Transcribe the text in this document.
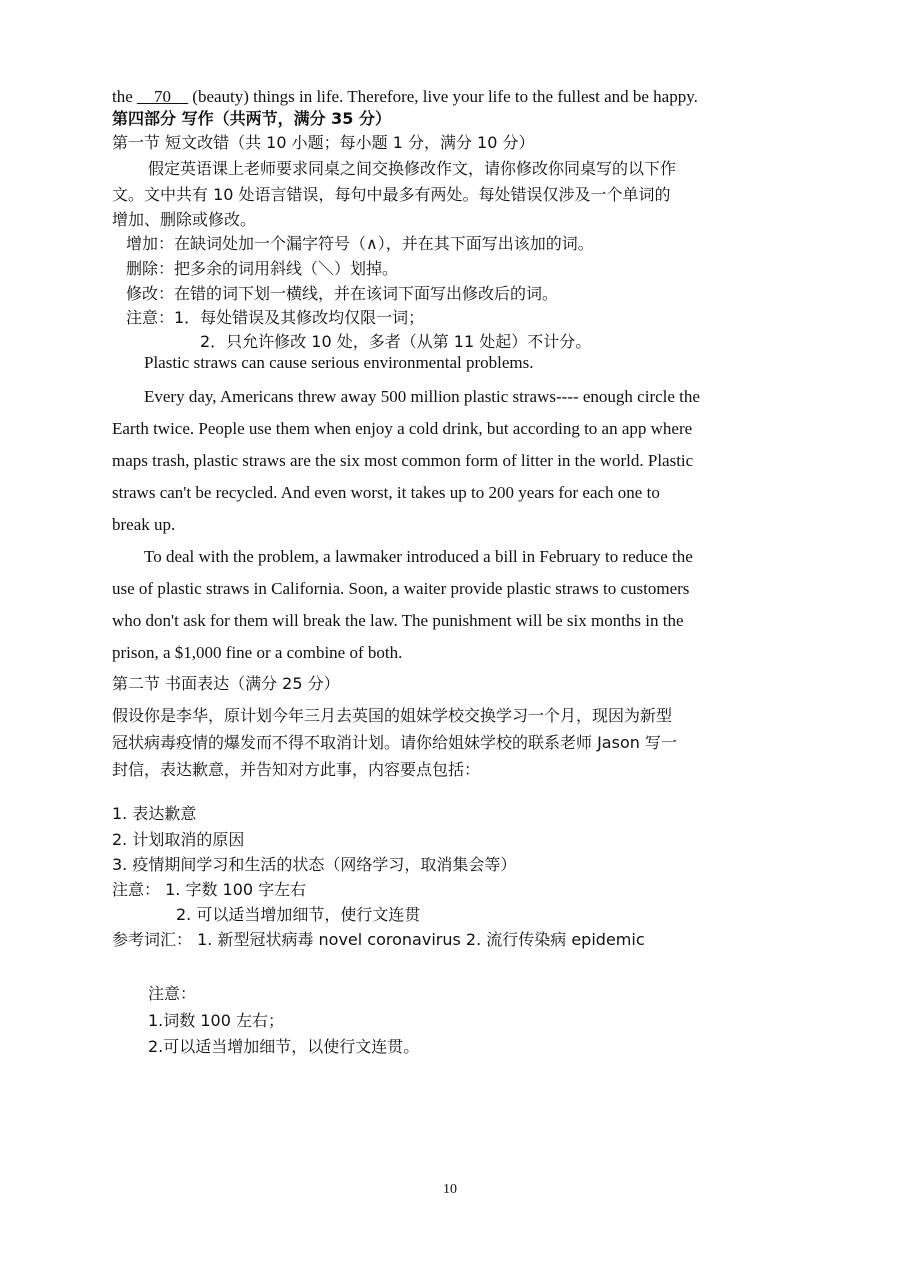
the __70__ (beauty) things in life. Therefore, live your life to the fullest and be happy.
第四部分 写作（共两节，满分 35 分）
第一节 短文改错（共 10 小题；每小题 1 分，满分 10 分）
假定英语课上老师要求同桌之间交换修改作文，请你修改你同桌写的以下作
文。文中共有 10 处语言错误，每句中最多有两处。每处错误仅涉及一个单词的
增加、删除或修改。
增加：在缺词处加一个漏字符号（∧），并在其下面写出该加的词。
删除：把多余的词用斜线（＼）划掉。
修改：在错的词下划一横线，并在该词下面写出修改后的词。
注意：1．每处错误及其修改均仅限一词；
2．只允许修改 10 处，多者（从第 11 处起）不计分。
Plastic straws can cause serious environmental problems.
Every day, Americans threw away 500 million plastic straws---- enough circle the
Earth twice. People use them when enjoy a cold drink, but according to an app where
maps trash, plastic straws are the six most common form of litter in the world. Plastic
straws can't be recycled. And even worst, it takes up to 200 years for each one to
break up.
To deal with the problem, a lawmaker introduced a bill in February to reduce the
use of plastic straws in California. Soon, a waiter provide plastic straws to customers
who don't ask for them will break the law. The punishment will be six months in the
prison, a $1,000 fine or a combine of both.
第二节 书面表达（满分 25 分）
假设你是李华，原计划今年三月去英国的姐妹学校交换学习一个月，现因为新型
冠状病毒疫情的爆发而不得不取消计划。请你给姐妹学校的联系老师 Jason 写一
封信，表达歉意，并告知对方此事，内容要点包括：
1. 表达歉意
2. 计划取消的原因
3. 疫情期间学习和生活的状态（网络学习，取消集会等）
注意： 1. 字数 100 字左右
2. 可以适当增加细节，使行文连贯
参考词汇： 1. 新型冠状病毒 novel coronavirus 2. 流行传染病 epidemic
注意：
1.词数 100 左右；
2.可以适当增加细节，以使行文连贯。
10
